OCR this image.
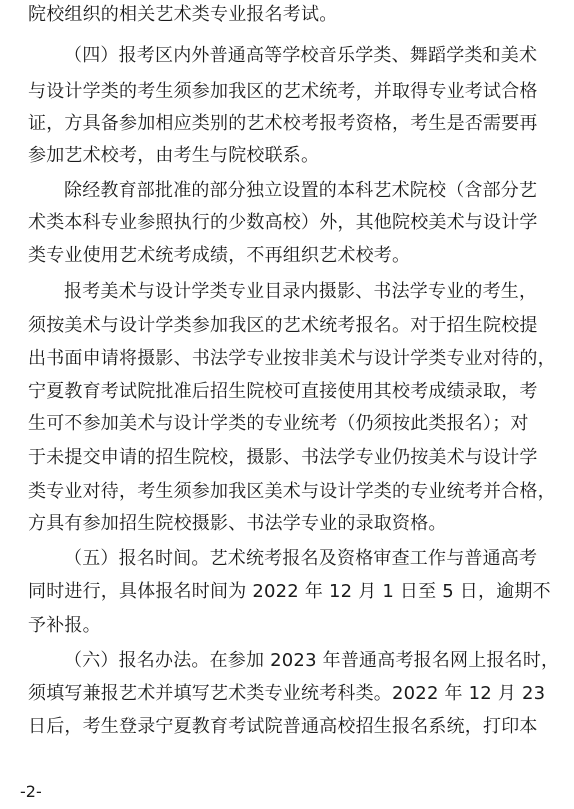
院校组织的相关艺术类专业报名考试。
（四）报考区内外普通高等学校音乐学类、舞蹈学类和美术
与设计学类的考生须参加我区的艺术统考，并取得专业考试合格
证，方具备参加相应类别的艺术校考报考资格，考生是否需要再
参加艺术校考，由考生与院校联系。
除经教育部批准的部分独立设置的本科艺术院校（含部分艺
术类本科专业参照执行的少数高校）外，其他院校美术与设计学
类专业使用艺术统考成绩，不再组织艺术校考。
报考美术与设计学类专业目录内摄影、书法学专业的考生，
须按美术与设计学类参加我区的艺术统考报名。对于招生院校提
出书面申请将摄影、书法学专业按非美术与设计学类专业对待的，
宁夏教育考试院批准后招生院校可直接使用其校考成绩录取，考
生可不参加美术与设计学类的专业统考（仍须按此类报名）；对
于未提交申请的招生院校，摄影、书法学专业仍按美术与设计学
类专业对待，考生须参加我区美术与设计学类的专业统考并合格，
方具有参加招生院校摄影、书法学专业的录取资格。
（五）报名时间。艺术统考报名及资格审查工作与普通高考
同时进行，具体报名时间为 2022 年 12 月 1 日至 5 日，逾期不
予补报。
（六）报名办法。在参加 2023 年普通高考报名网上报名时，
须填写兼报艺术并填写艺术类专业统考科类。2022 年 12 月 23
日后，考生登录宁夏教育考试院普通高校招生报名系统，打印本
-2-
